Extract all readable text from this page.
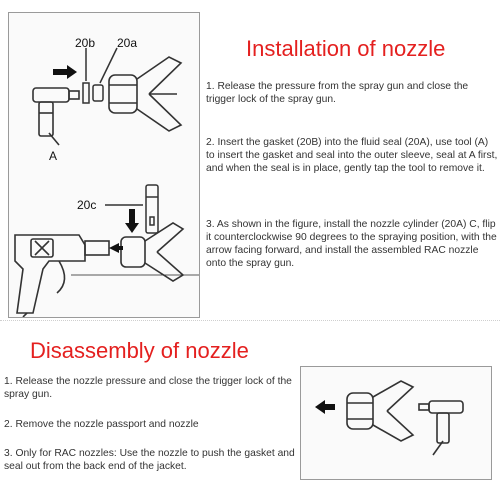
20b 20a
A
20c
Installation of nozzle

1. Release the pressure from the spray gun and close the trigger lock of the spray gun.

2. Insert the gasket (20B) into the fluid seal (20A), use tool (A) to insert the gasket and seal into the outer sleeve, seal at A first, and when the seal is in place, gently tap the tool to remove it.

3. As shown in the figure, install the nozzle cylinder (20A) C, flip it counterclockwise 90 degrees to the spraying position, with the arrow facing forward, and install the assembled RAC nozzle onto the spray gun.

Disassembly of nozzle

1. Release the nozzle pressure and close the trigger lock of the spray gun.

2. Remove the nozzle passport and nozzle

3. Only for RAC nozzles: Use the nozzle to push the gasket and seal out from the back end of the jacket.
